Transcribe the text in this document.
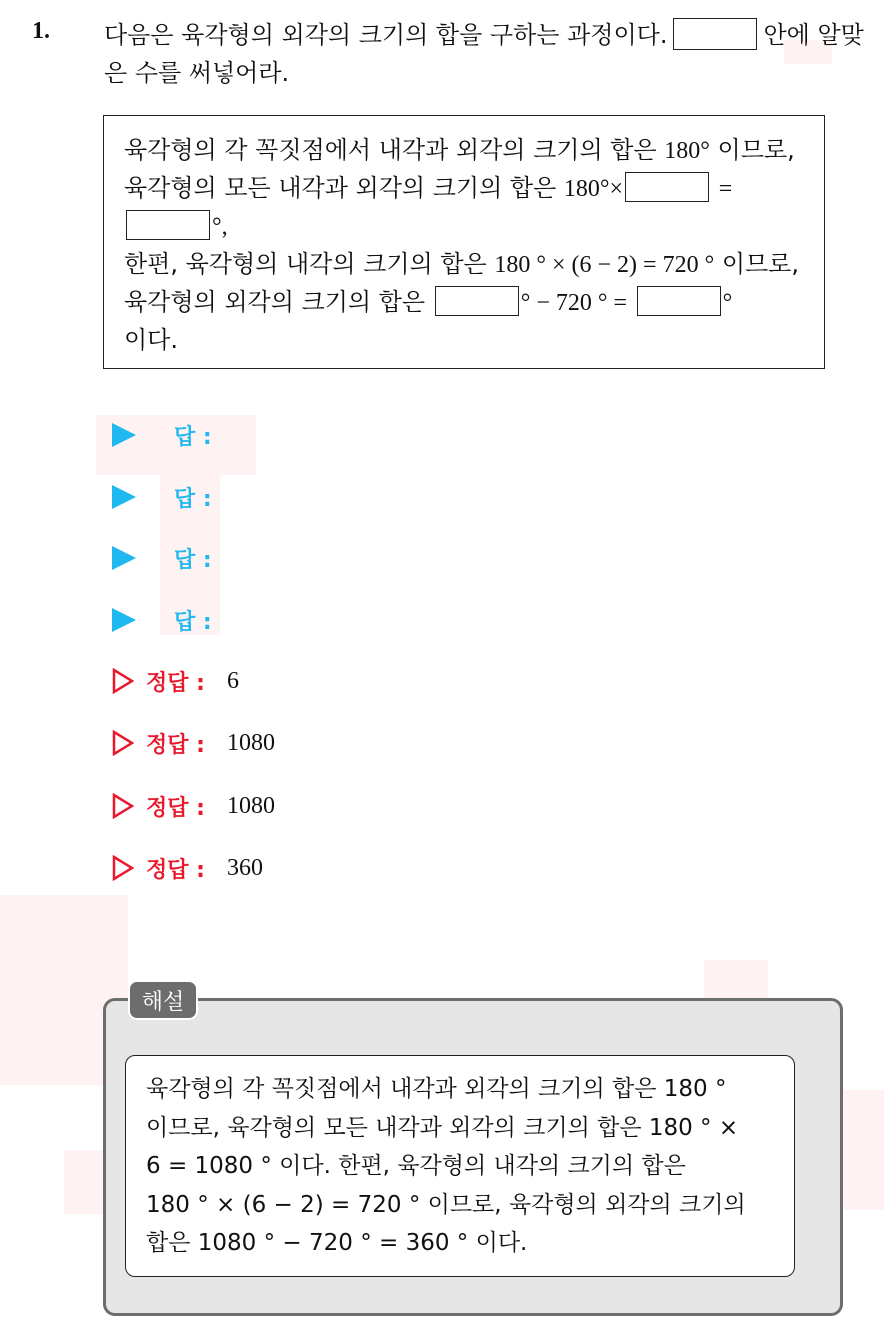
1. 다음은 육각형의 외각의 크기의 합을 구하는 과정이다.	안에 알맞은 수를 써넣어라.
육각형의 각 꼭짓점에서 내각과 외각의 크기의 합은 180° 이므로, 육각형의 모든 내각과 외각의 크기의 합은 180°×	=
°,
한편, 육각형의 내각의 크기의 합은 180 ° × (6 − 2) = 720 ° 이므로, 육각형의 외각의 크기의 합은	° − 720 ° =	°
이다.
답 :
답 :
답 :
답 :
정답 : 6
정답 : 1080
정답 : 1080
정답 : 360
해설
육각형의 각 꼭짓점에서 내각과 외각의 크기의 합은 180 °
이므로, 육각형의 모든 내각과 외각의 크기의 합은 180 ° ×
6 = 1080 ° 이다. 한편, 육각형의 내각의 크기의 합은
180 ° × (6 − 2) = 720 ° 이므로, 육각형의 외각의 크기의
합은 1080 ° − 720 ° = 360 ° 이다.
